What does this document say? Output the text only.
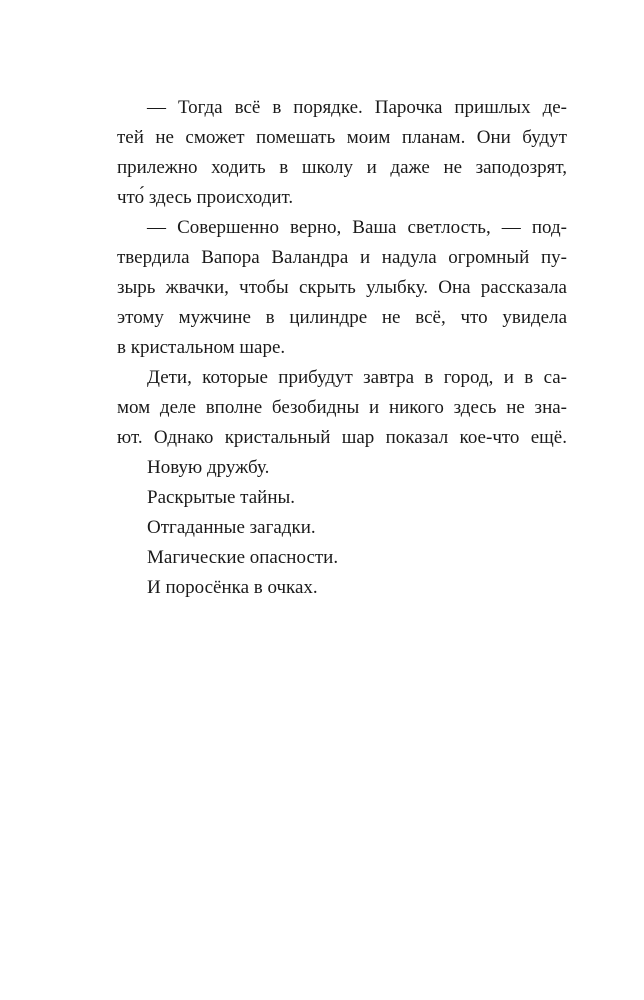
— Тогда всё в порядке. Парочка пришлых де-
тей не сможет помешать моим планам. Они будут
прилежно ходить в школу и даже не заподозрят,
что́ здесь происходит.
— Совершенно верно, Ваша светлость, — под-
твердила Вапора Валандра и надула огромный пу-
зырь жвачки, чтобы скрыть улыбку. Она рассказала
этому мужчине в цилиндре не всё, что увидела
в кристальном шаре.
Дети, которые прибудут завтра в город, и в са-
мом деле вполне безобидны и никого здесь не зна-
ют. Однако кристальный шар показал кое-что ещё.
Новую дружбу.
Раскрытые тайны.
Отгаданные загадки.
Магические опасности.
И поросёнка в очках.
